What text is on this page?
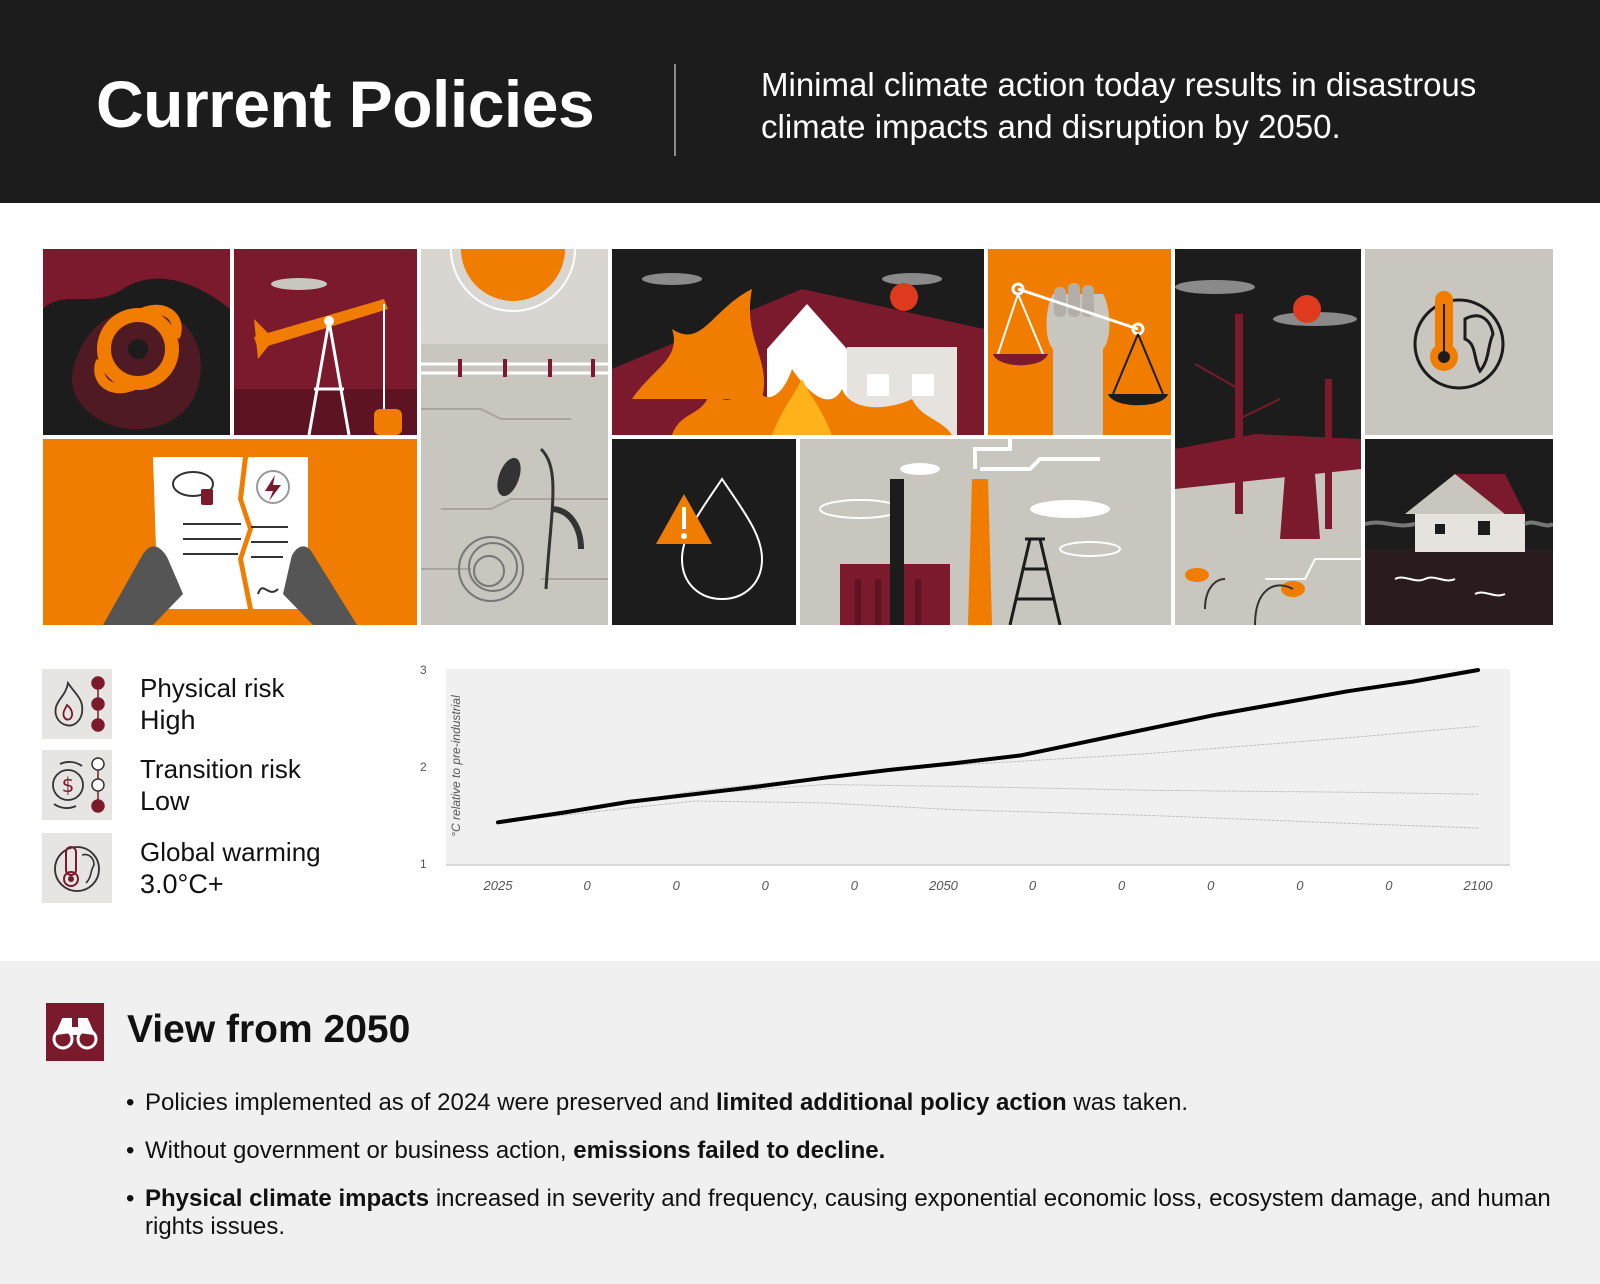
Current Policies	Minimal climate action today results in disastrous climate impacts and disruption by 2050.
Physical risk
High
$
Transition risk
Low
Global warming
3.0°C+
1
2
3
2025	0	0	0	0	2050	0	0	0	0	0	2100
°C relative to pre-industrial
View from 2050
• Policies implemented as of 2024 were preserved and limited additional policy action was taken.
• Without government or business action, emissions failed to decline.
• Physical climate impacts increased in severity and frequency, causing exponential economic loss, ecosystem damage, and human rights issues.
